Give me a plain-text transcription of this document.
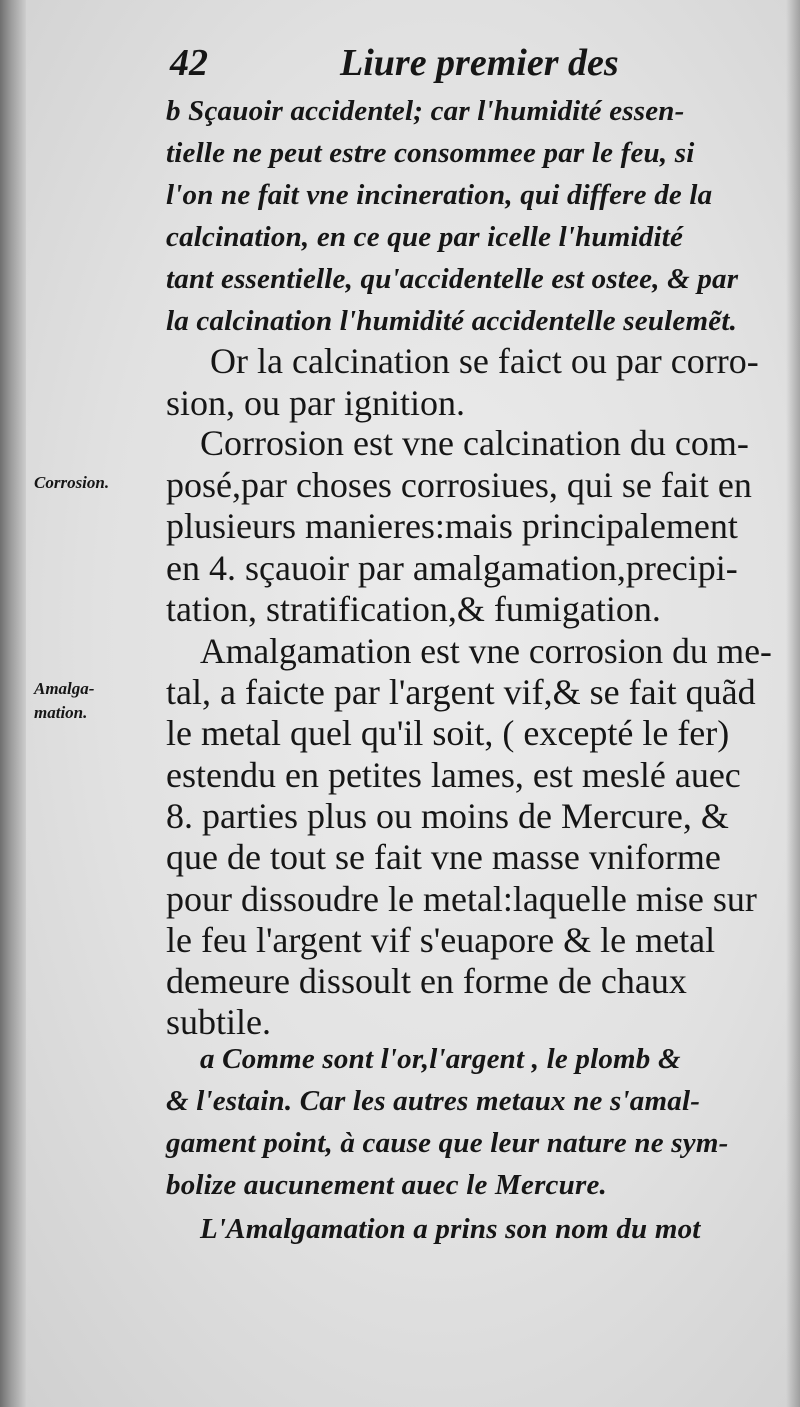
42	Liure premier des
Corrosion.
Amalga-
mation.
b Sçauoir accidentel; car l'humidité essen-
tielle ne peut estre consommee par le feu, si
l'on ne fait vne incineration, qui differe de la
calcination, en ce que par icelle l'humidité
tant essentielle, qu'accidentelle est ostee, & par
la calcination l'humidité accidentelle seulemẽt.
Or la calcination se faict ou par corro-
sion, ou par ignition.
Corrosion est vne calcination du com-
posé,par choses corrosiues, qui se fait en
plusieurs manieres:mais principalement
en 4. sçauoir par amalgamation,precipi-
tation, stratification,& fumigation.
Amalgamation est vne corrosion du me-
tal, a faicte par l'argent vif,& se fait quãd
le metal quel qu'il soit, ( excepté le fer)
estendu en petites lames, est meslé auec
8. parties plus ou moins de Mercure, &
que de tout se fait vne masse vniforme
pour dissoudre le metal:laquelle mise sur
le feu l'argent vif s'euapore & le metal
demeure dissoult en forme de chaux
subtile.
a Comme sont l'or,l'argent , le plomb &
& l'estain. Car les autres metaux ne s'amal-
gament point, à cause que leur nature ne sym-
bolize aucunement auec le Mercure.
L'Amalgamation a prins son nom du mot
